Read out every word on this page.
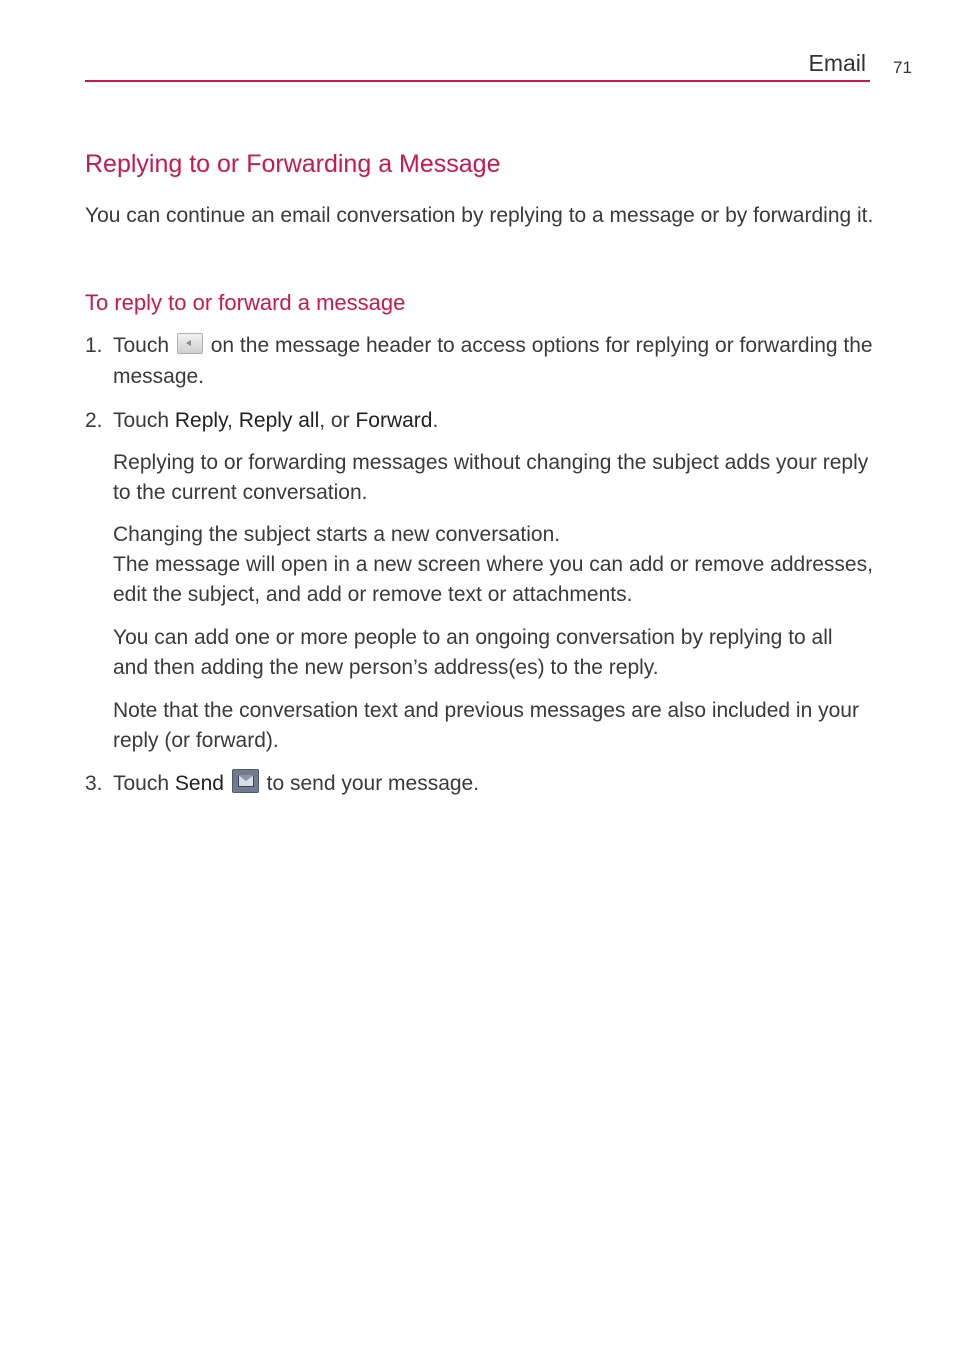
Email 71
Replying to or Forwarding a Message

You can continue an email conversation by replying to a message or by forwarding it.

To reply to or forward a message
1. Touch on the message header to access options for replying or forwarding the message.
2. Touch Reply, Reply all, or Forward.

Replying to or forwarding messages without changing the subject adds your reply to the current conversation.

Changing the subject starts a new conversation.

The message will open in a new screen where you can add or remove addresses, edit the subject, and add or remove text or attachments.

You can add one or more people to an ongoing conversation by replying to all and then adding the new person’s address(es) to the reply.

Note that the conversation text and previous messages are also included in your reply (or forward).

3. Touch Send to send your message.
